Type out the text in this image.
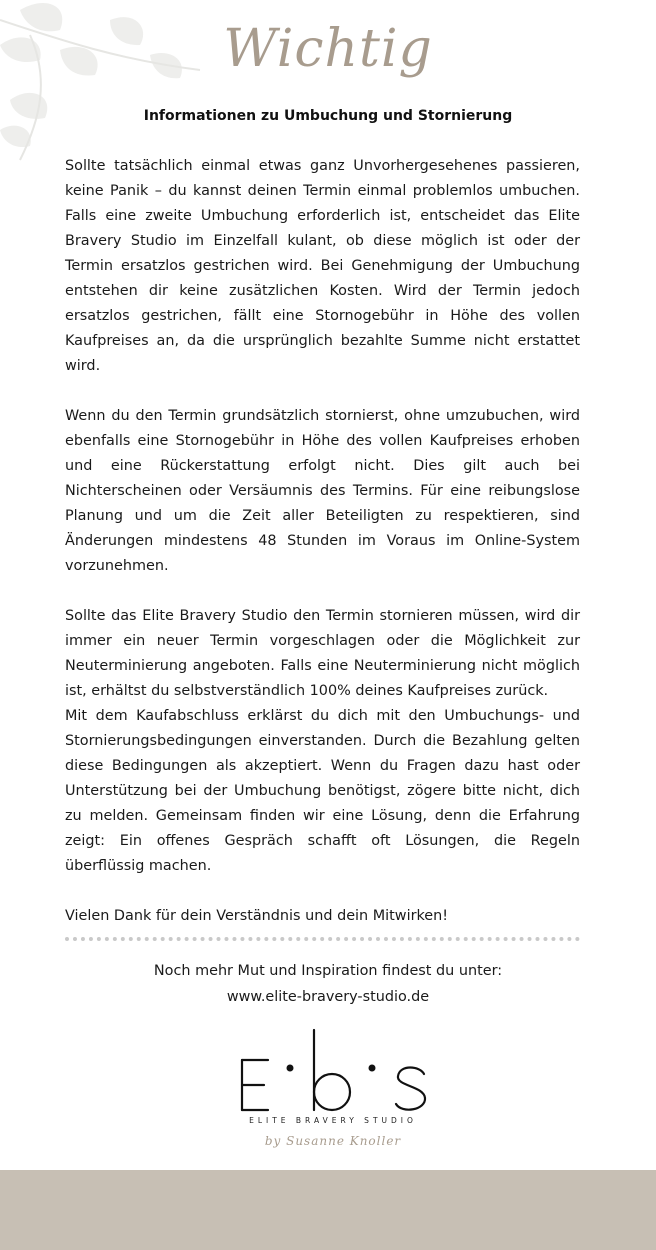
Wichtig
Informationen zu Umbuchung und Stornierung

Sollte tatsächlich einmal etwas ganz Unvorhergesehenes passieren, keine Panik – du kannst deinen Termin einmal problemlos umbuchen. Falls eine zweite Umbuchung erforderlich ist, entscheidet das Elite Bravery Studio im Einzelfall kulant, ob diese möglich ist oder der Termin ersatzlos gestrichen wird. Bei Genehmigung der Umbuchung entstehen dir keine zusätzlichen Kosten. Wird der Termin jedoch ersatzlos gestrichen, fällt eine Stornogebühr in Höhe des vollen Kaufpreises an, da die ursprünglich bezahlte Summe nicht erstattet wird.

Wenn du den Termin grundsätzlich stornierst, ohne umzubuchen, wird ebenfalls eine Stornogebühr in Höhe des vollen Kaufpreises erhoben und eine Rückerstattung erfolgt nicht. Dies gilt auch bei Nichterscheinen oder Versäumnis des Termins. Für eine reibungslose Planung und um die Zeit aller Beteiligten zu respektieren, sind Änderungen mindestens 48 Stunden im Voraus im Online-System vorzunehmen.

Sollte das Elite Bravery Studio den Termin stornieren müssen, wird dir immer ein neuer Termin vorgeschlagen oder die Möglichkeit zur Neuterminierung angeboten. Falls eine Neuterminierung nicht möglich ist, erhältst du selbstverständlich 100% deines Kaufpreises zurück.

Mit dem Kaufabschluss erklärst du dich mit den Umbuchungs- und Stornierungsbedingungen einverstanden. Durch die Bezahlung gelten diese Bedingungen als akzeptiert. Wenn du Fragen dazu hast oder Unterstützung bei der Umbuchung benötigst, zögere bitte nicht, dich zu melden. Gemeinsam finden wir eine Lösung, denn die Erfahrung zeigt: Ein offenes Gespräch schafft oft Lösungen, die Regeln überflüssig machen.

Vielen Dank für dein Verständnis und dein Mitwirken!

Noch mehr Mut und Inspiration findest du unter:
www.elite-bravery-studio.de
ELITE BRAVERY STUDIO
by Susanne Knoller
